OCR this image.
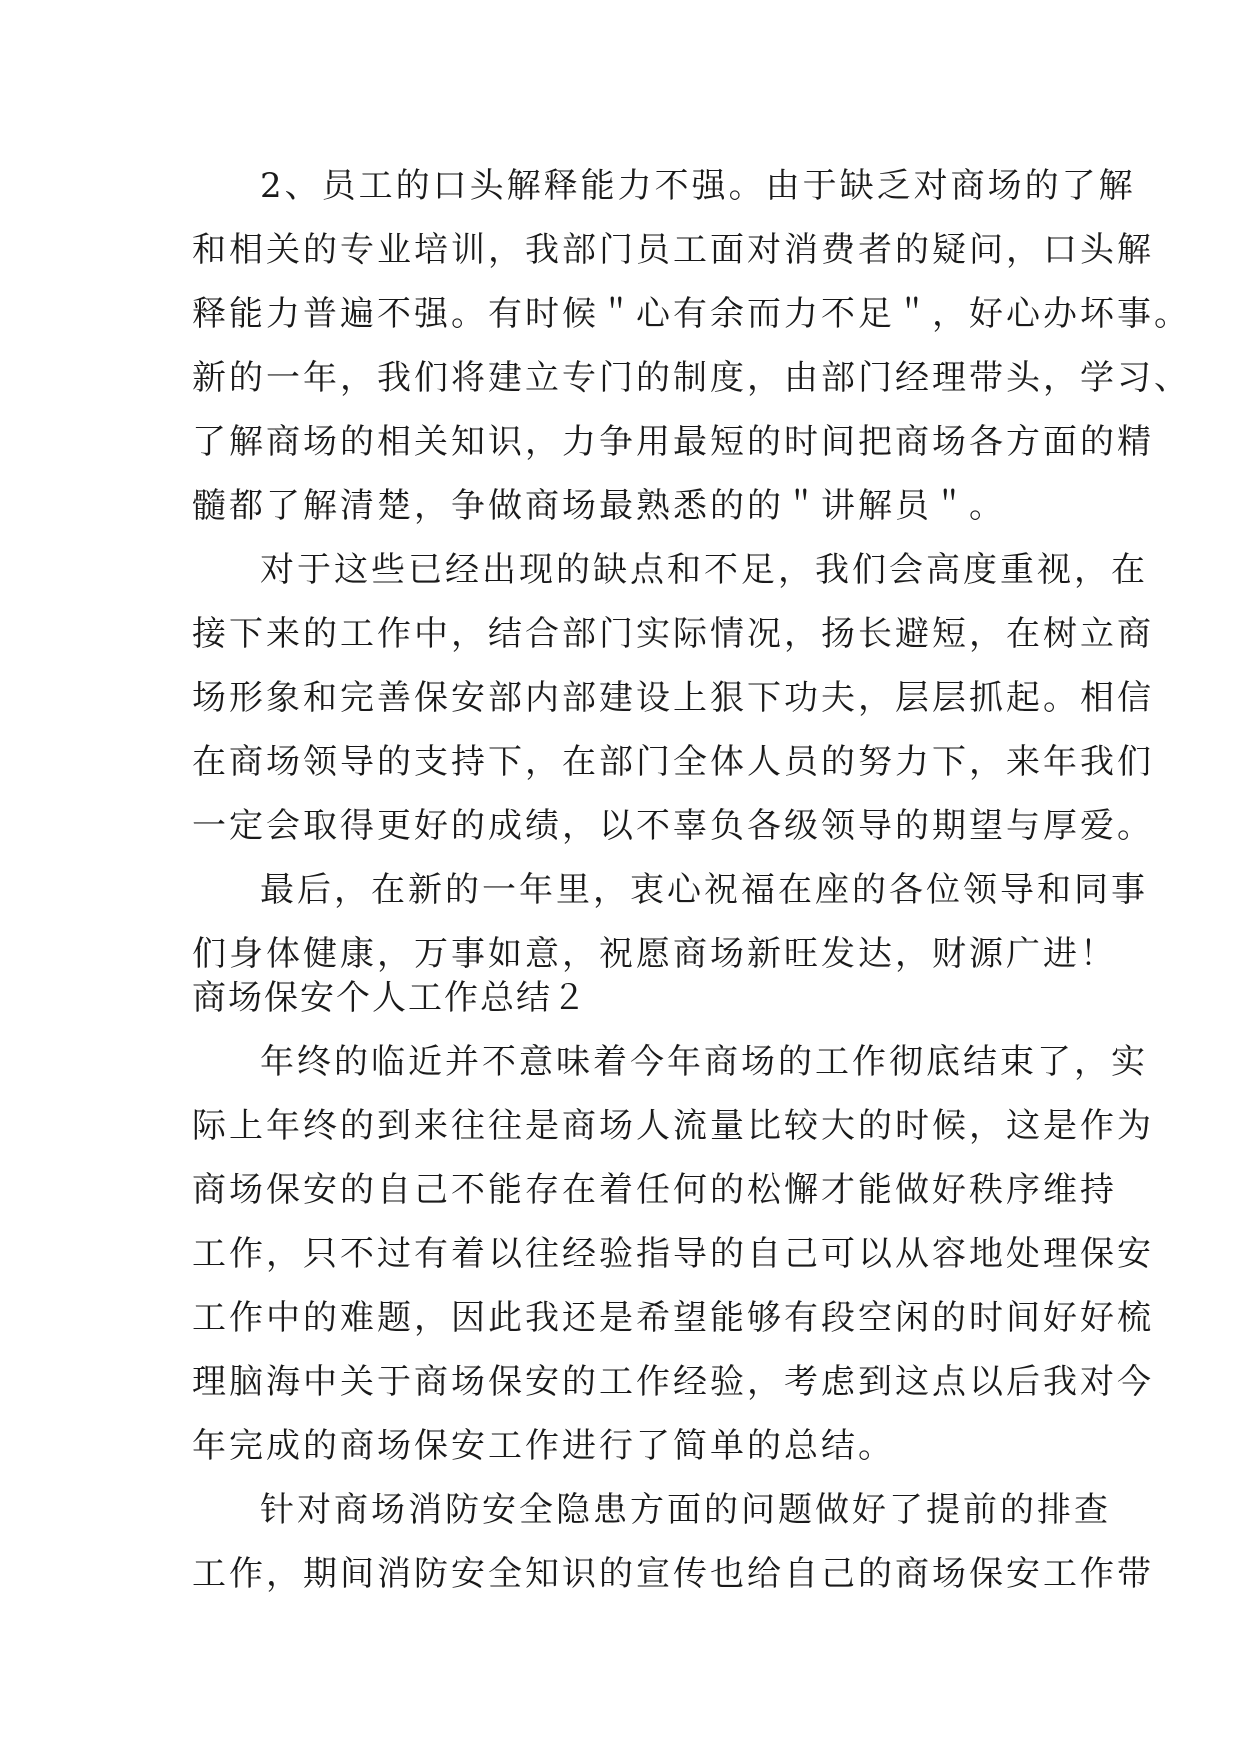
2、员工的口头解释能力不强。由于缺乏对商场的了解
和相关的专业培训，我部门员工面对消费者的疑问，口头解
释能力普遍不强。有时候＂心有余而力不足＂，好心办坏事。
新的一年，我们将建立专门的制度，由部门经理带头，学习、
了解商场的相关知识，力争用最短的时间把商场各方面的精
髓都了解清楚，争做商场最熟悉的的＂讲解员＂。
对于这些已经出现的缺点和不足，我们会高度重视，在
接下来的工作中，结合部门实际情况，扬长避短，在树立商
场形象和完善保安部内部建设上狠下功夫，层层抓起。相信
在商场领导的支持下，在部门全体人员的努力下，来年我们
一定会取得更好的成绩，以不辜负各级领导的期望与厚爱。
最后，在新的一年里，衷心祝福在座的各位领导和同事
们身体健康，万事如意，祝愿商场新旺发达，财源广进！
商场保安个人工作总结２
年终的临近并不意味着今年商场的工作彻底结束了，实
际上年终的到来往往是商场人流量比较大的时候，这是作为
商场保安的自己不能存在着任何的松懈才能做好秩序维持
工作，只不过有着以往经验指导的自己可以从容地处理保安
工作中的难题，因此我还是希望能够有段空闲的时间好好梳
理脑海中关于商场保安的工作经验，考虑到这点以后我对今
年完成的商场保安工作进行了简单的总结。
针对商场消防安全隐患方面的问题做好了提前的排查
工作，期间消防安全知识的宣传也给自己的商场保安工作带
